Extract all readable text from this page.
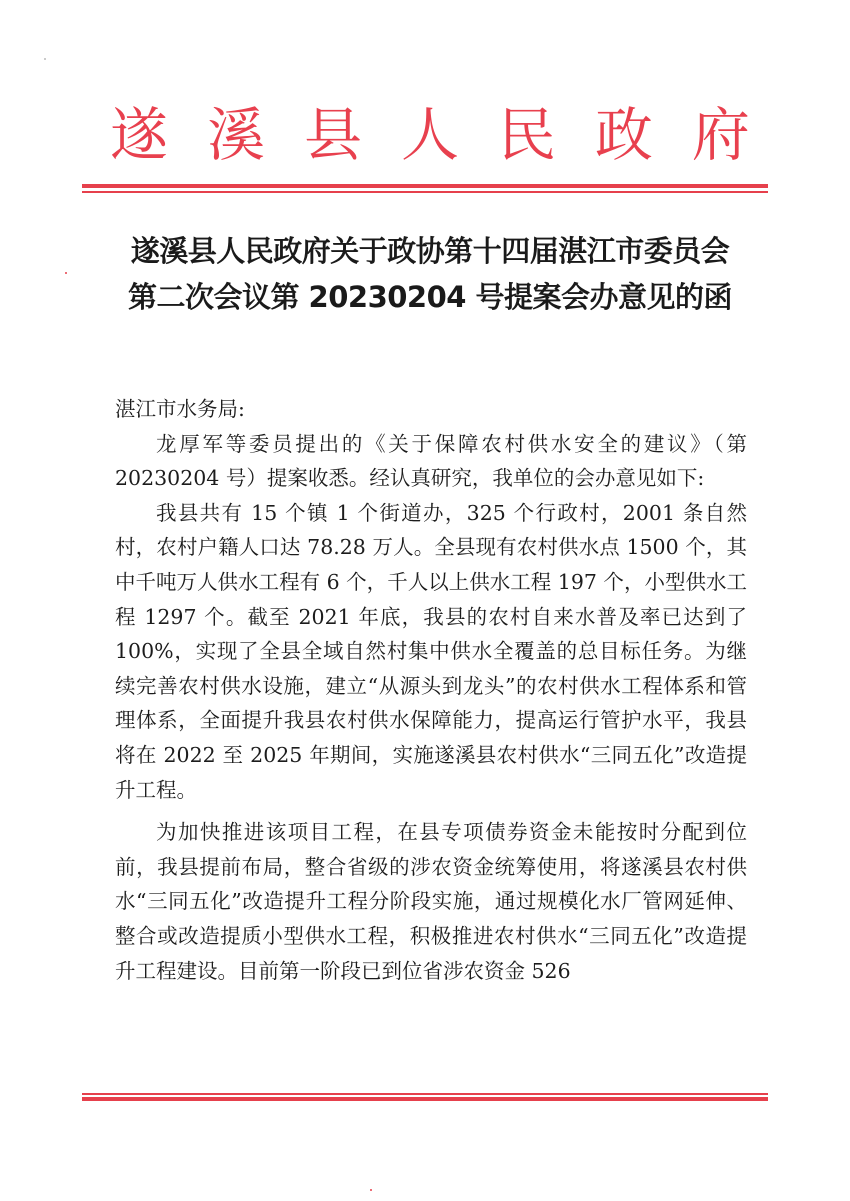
遂 溪 县 人 民 政 府
遂溪县人民政府关于政协第十四届湛江市委员会
第二次会议第 20230204 号提案会办意见的函

湛江市水务局:

龙厚军等委员提出的《关于保障农村供水安全的建议》（第 20230204 号）提案收悉。经认真研究，我单位的会办意见如下:

我县共有 15 个镇 1 个街道办，325 个行政村，2001 条自然村，农村户籍人口达 78.28 万人。全县现有农村供水点 1500 个，其中千吨万人供水工程有 6 个，千人以上供水工程 197 个，小型供水工程 1297 个。截至 2021 年底，我县的农村自来水普及率已达到了 100%，实现了全县全域自然村集中供水全覆盖的总目标任务。为继续完善农村供水设施，建立“从源头到龙头”的农村供水工程体系和管理体系，全面提升我县农村供水保障能力，提高运行管护水平，我县将在 2022 至 2025 年期间，实施遂溪县农村供水“三同五化”改造提升工程。

为加快推进该项目工程，在县专项债券资金未能按时分配到位前，我县提前布局，整合省级的涉农资金统筹使用，将遂溪县农村供水“三同五化”改造提升工程分阶段实施，通过规模化水厂管网延伸、整合或改造提质小型供水工程，积极推进农村供水“三同五化”改造提升工程建设。目前第一阶段已到位省涉农资金 526
